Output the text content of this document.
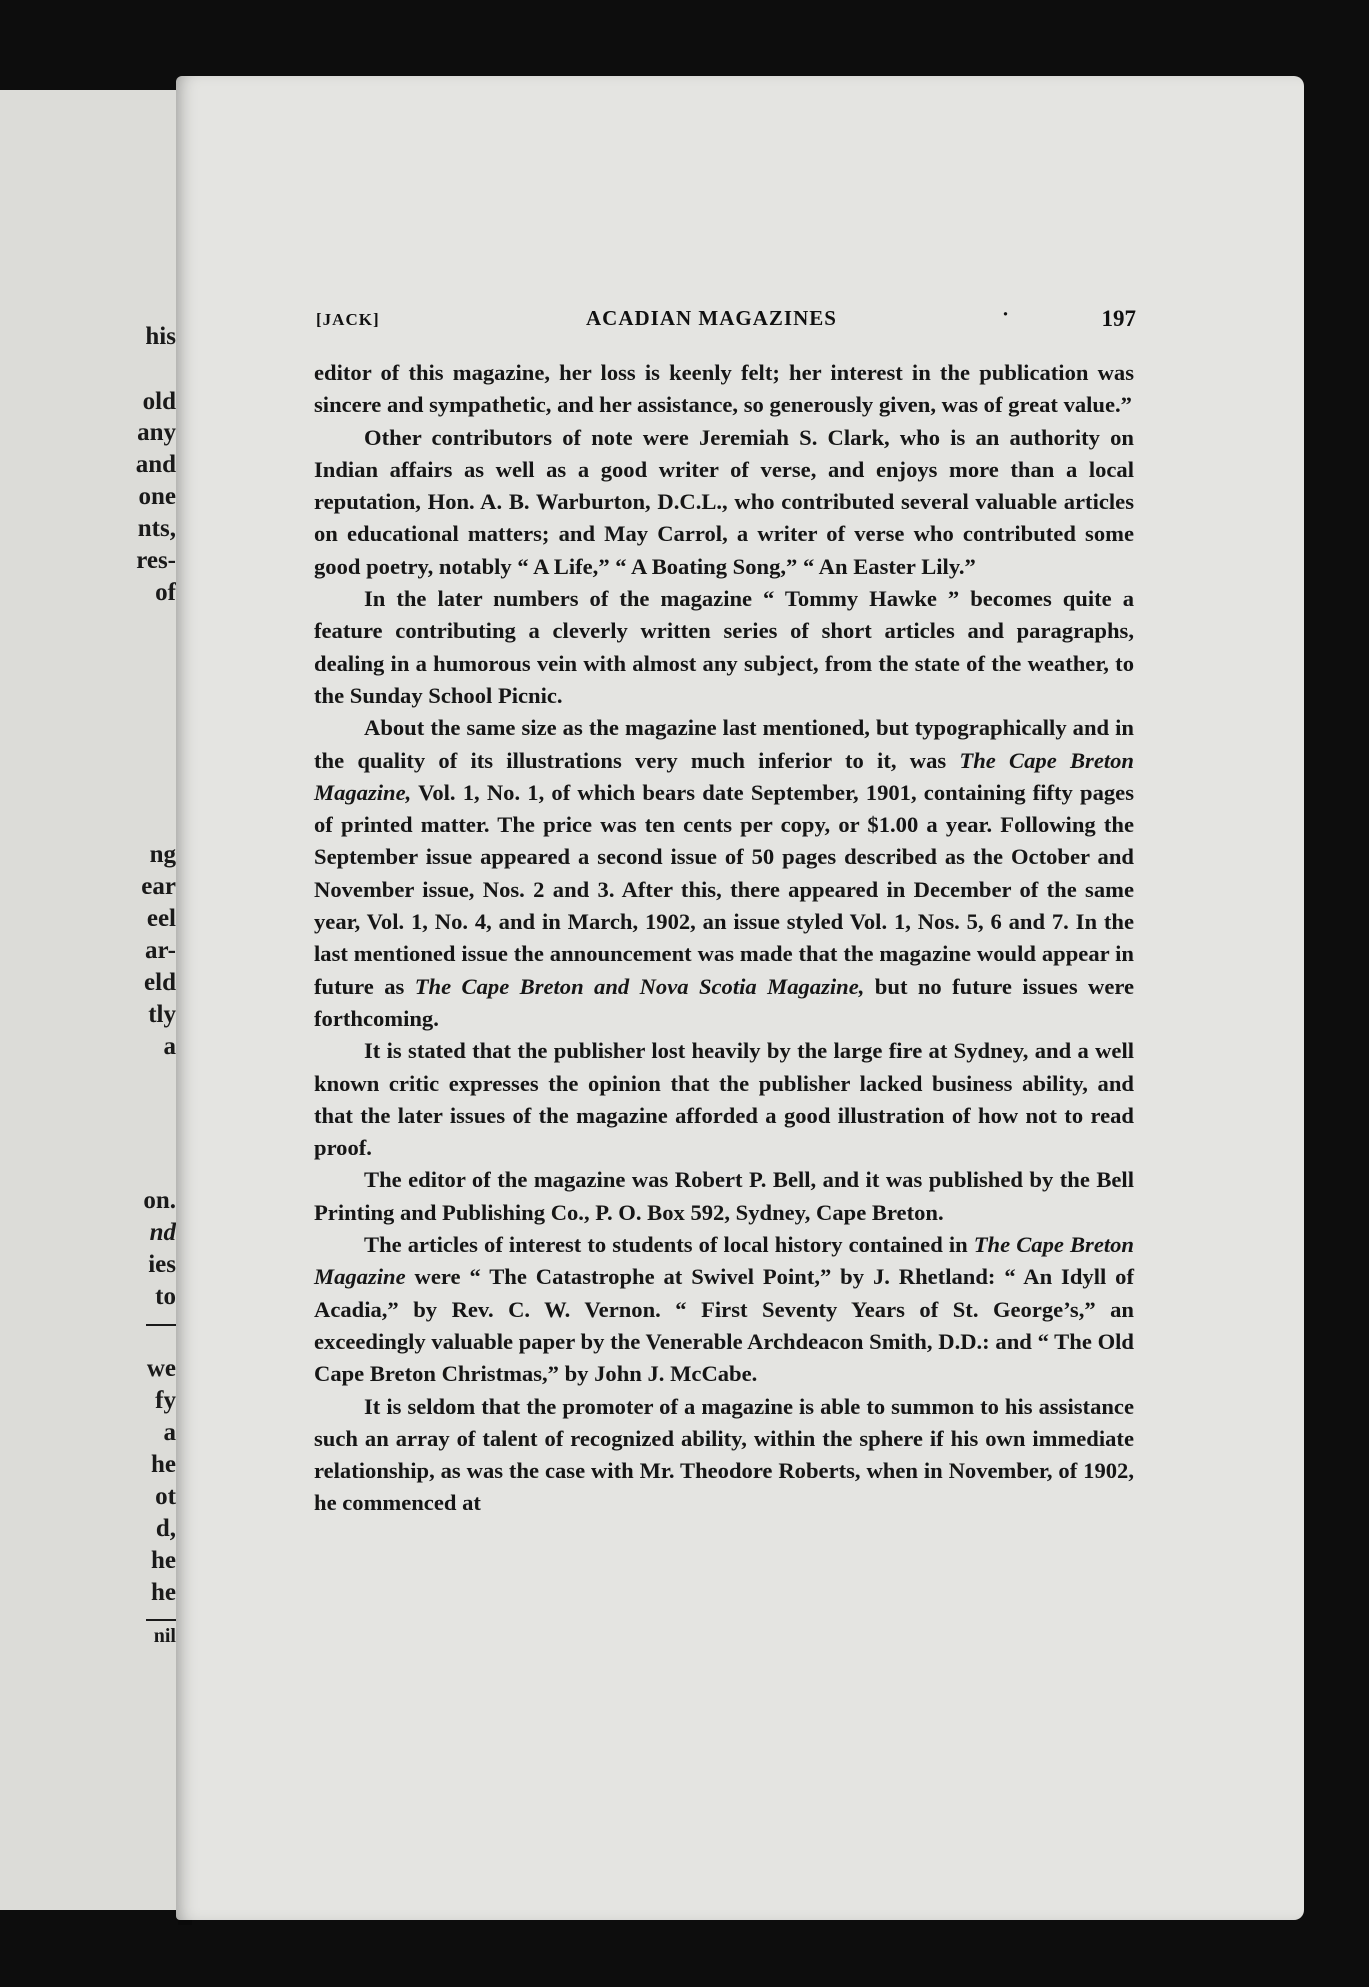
his
old
any
and
one
nts,
res-
of
ng
ear
eel
ar-
eld
tly
a
on.
nd
ies
to
we
fy
a
he
ot
d,
he
he
nil
[JACK]	ACADIAN MAGAZINES	·	197

editor of this magazine, her loss is keenly felt; her interest in the publication was sincere and sympathetic, and her assistance, so generously given, was of great value.”

Other contributors of note were Jeremiah S. Clark, who is an authority on Indian affairs as well as a good writer of verse, and enjoys more than a local reputation, Hon. A. B. Warburton, D.C.L., who contributed several valuable articles on educational matters; and May Carrol, a writer of verse who contributed some good poetry, notably “ A Life,” “ A Boating Song,” “ An Easter Lily.”

In the later numbers of the magazine “ Tommy Hawke ” becomes quite a feature contributing a cleverly written series of short articles and paragraphs, dealing in a humorous vein with almost any subject, from the state of the weather, to the Sunday School Picnic.

About the same size as the magazine last mentioned, but typographically and in the quality of its illustrations very much inferior to it, was The Cape Breton Magazine, Vol. 1, No. 1, of which bears date September, 1901, containing fifty pages of printed matter. The price was ten cents per copy, or $1.00 a year. Following the September issue appeared a second issue of 50 pages described as the October and November issue, Nos. 2 and 3. After this, there appeared in December of the same year, Vol. 1, No. 4, and in March, 1902, an issue styled Vol. 1, Nos. 5, 6 and 7. In the last mentioned issue the announcement was made that the magazine would appear in future as The Cape Breton and Nova Scotia Magazine, but no future issues were forthcoming.

It is stated that the publisher lost heavily by the large fire at Sydney, and a well known critic expresses the opinion that the publisher lacked business ability, and that the later issues of the magazine afforded a good illustration of how not to read proof.

The editor of the magazine was Robert P. Bell, and it was published by the Bell Printing and Publishing Co., P. O. Box 592, Sydney, Cape Breton.

The articles of interest to students of local history contained in The Cape Breton Magazine were “ The Catastrophe at Swivel Point,” by J. Rhetland: “ An Idyll of Acadia,” by Rev. C. W. Vernon. “ First Seventy Years of St. George’s,” an exceedingly valuable paper by the Venerable Archdeacon Smith, D.D.: and “ The Old Cape Breton Christmas,” by John J. McCabe.

It is seldom that the promoter of a magazine is able to summon to his assistance such an array of talent of recognized ability, within the sphere if his own immediate relationship, as was the case with Mr. Theodore Roberts, when in November, of 1902, he commenced at
